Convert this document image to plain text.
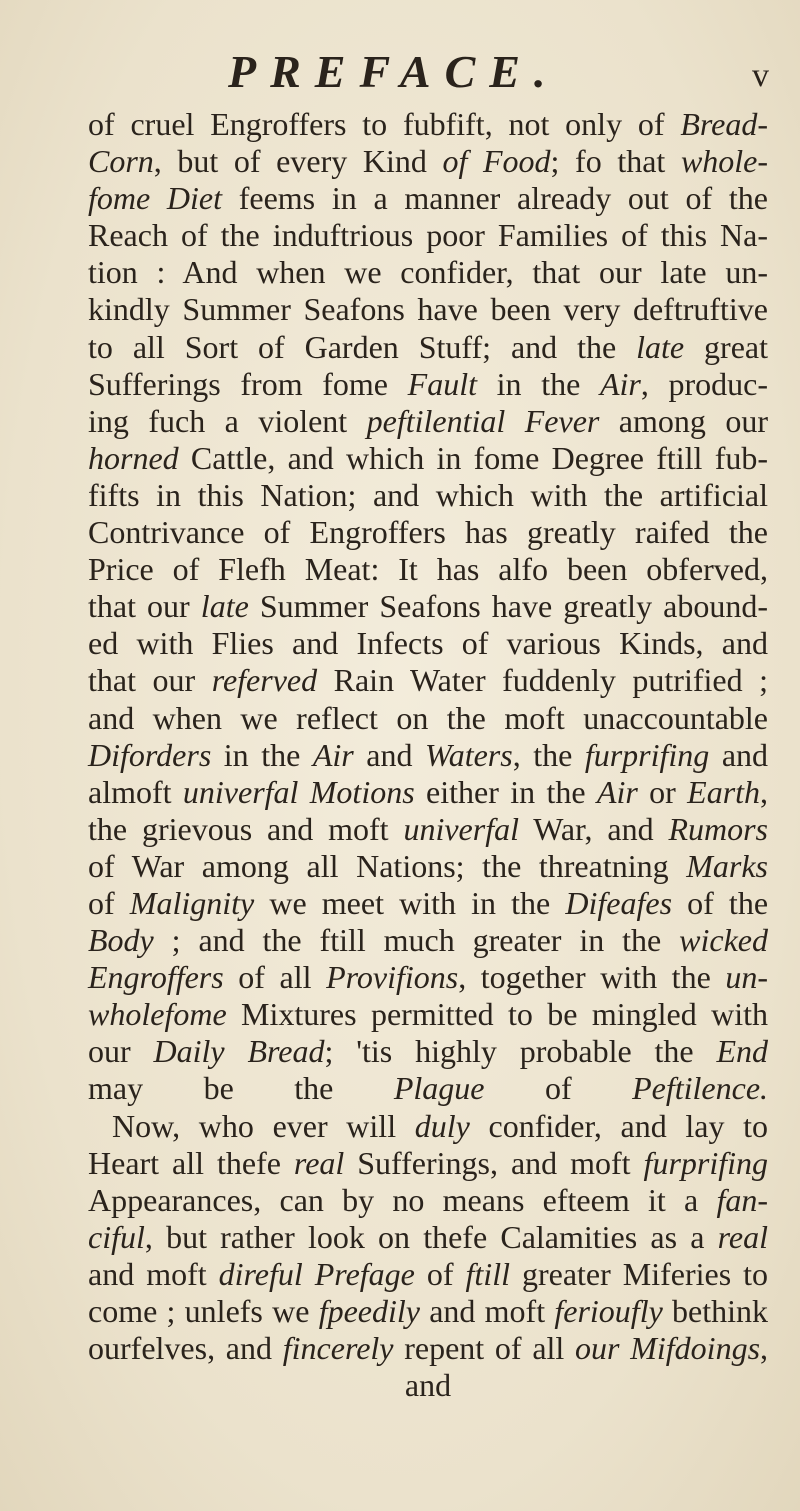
PREFACE.	v
of cruel Engroffers to fubfift, not only of Bread-
Corn, but of every Kind of Food; fo that whole-
fome Diet feems in a manner already out of the
Reach of the induftrious poor Families of this Na-
tion : And when we confider, that our late un-
kindly Summer Seafons have been very deftruftive
to all Sort of Garden Stuff; and the late great
Sufferings from fome Fault in the Air, produc-
ing fuch a violent peftilential Fever among our
horned Cattle, and which in fome Degree ftill fub-
fifts in this Nation; and which with the artificial
Contrivance of Engroffers has greatly raifed the
Price of Flefh Meat: It has alfo been obferved,
that our late Summer Seafons have greatly abound-
ed with Flies and Infects of various Kinds, and
that our referved Rain Water fuddenly putrified ;
and when we reflect on the moft unaccountable
Diforders in the Air and Waters, the furprifing and
almoft univerfal Motions either in the Air or Earth,
the grievous and moft univerfal War, and Rumors
of War among all Nations; the threatning Marks
of Malignity we meet with in the Difeafes of the
Body ; and the ftill much greater in the wicked
Engroffers of all Provifions, together with the un-
wholefome Mixtures permitted to be mingled with
our Daily Bread; 'tis highly probable the End
may be the Plague of Peftilence.
Now, who ever will duly confider, and lay to
Heart all thefe real Sufferings, and moft furprifing
Appearances, can by no means efteem it a fan-
ciful, but rather look on thefe Calamities as a real
and moft direful Prefage of ftill greater Miferies to
come ; unlefs we fpeedily and moft ferioufly bethink
ourfelves, and fincerely repent of all our Mifdoings,
and
